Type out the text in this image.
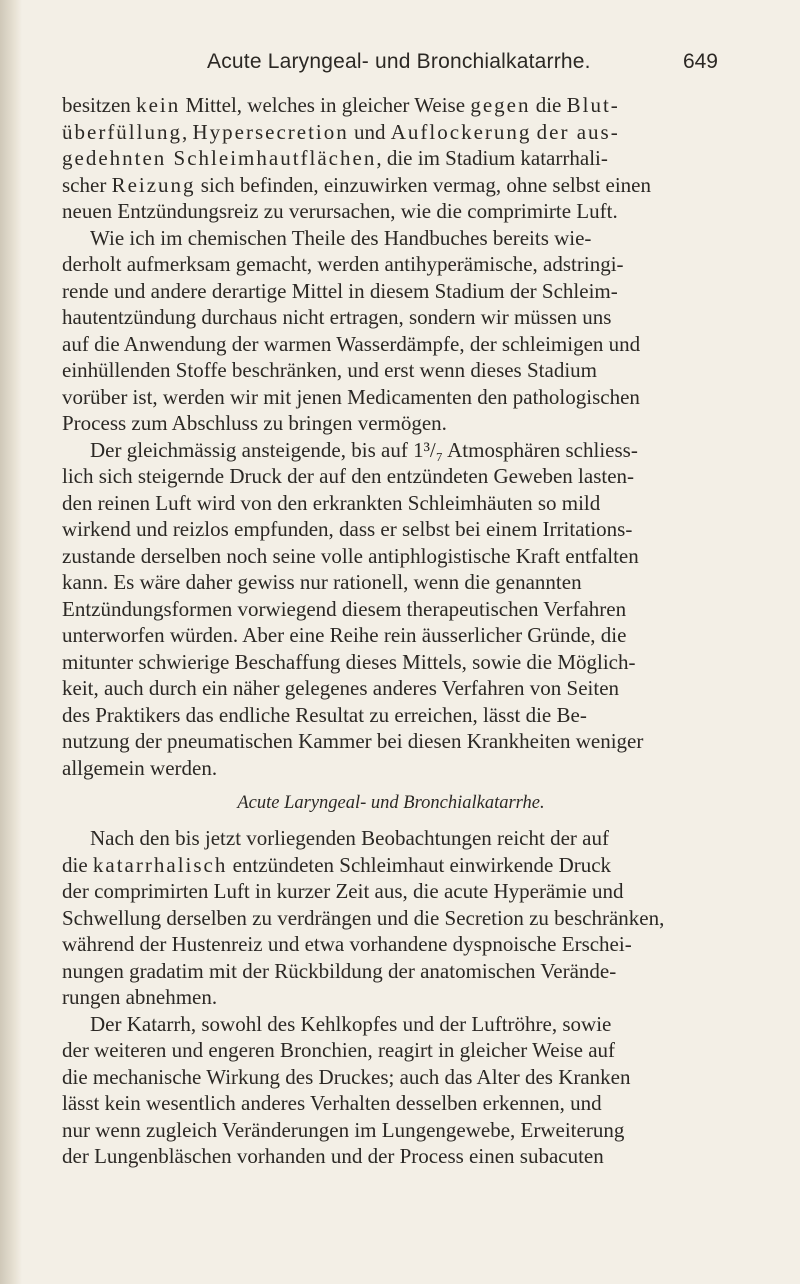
Acute Laryngeal- und Bronchialkatarrhe.	649
besitzen kein Mittel, welches in gleicher Weise gegen die Blut-
überfüllung, Hypersecretion und Auflockerung der aus-
gedehnten Schleimhautflächen, die im Stadium katarrhali-
scher Reizung sich befinden, einzuwirken vermag, ohne selbst einen
neuen Entzündungsreiz zu verursachen, wie die comprimirte Luft.
Wie ich im chemischen Theile des Handbuches bereits wie-
derholt aufmerksam gemacht, werden antihyperämische, adstringi-
rende und andere derartige Mittel in diesem Stadium der Schleim-
hautentzündung durchaus nicht ertragen, sondern wir müssen uns
auf die Anwendung der warmen Wasserdämpfe, der schleimigen und
einhüllenden Stoffe beschränken, und erst wenn dieses Stadium
vorüber ist, werden wir mit jenen Medicamenten den pathologischen
Process zum Abschluss zu bringen vermögen.
Der gleichmässig ansteigende, bis auf 1³/₇ Atmosphären schliess-
lich sich steigernde Druck der auf den entzündeten Geweben lasten-
den reinen Luft wird von den erkrankten Schleimhäuten so mild
wirkend und reizlos empfunden, dass er selbst bei einem Irritations-
zustande derselben noch seine volle antiphlogistische Kraft entfalten
kann. Es wäre daher gewiss nur rationell, wenn die genannten
Entzündungsformen vorwiegend diesem therapeutischen Verfahren
unterworfen würden. Aber eine Reihe rein äusserlicher Gründe, die
mitunter schwierige Beschaffung dieses Mittels, sowie die Möglich-
keit, auch durch ein näher gelegenes anderes Verfahren von Seiten
des Praktikers das endliche Resultat zu erreichen, lässt die Be-
nutzung der pneumatischen Kammer bei diesen Krankheiten weniger
allgemein werden.
Acute Laryngeal- und Bronchialkatarrhe.
Nach den bis jetzt vorliegenden Beobachtungen reicht der auf
die katarrhalisch entzündeten Schleimhaut einwirkende Druck
der comprimirten Luft in kurzer Zeit aus, die acute Hyperämie und
Schwellung derselben zu verdrängen und die Secretion zu beschränken,
während der Hustenreiz und etwa vorhandene dyspnoische Erschei-
nungen gradatim mit der Rückbildung der anatomischen Verände-
rungen abnehmen.
Der Katarrh, sowohl des Kehlkopfes und der Luftröhre, sowie
der weiteren und engeren Bronchien, reagirt in gleicher Weise auf
die mechanische Wirkung des Druckes; auch das Alter des Kranken
lässt kein wesentlich anderes Verhalten desselben erkennen, und
nur wenn zugleich Veränderungen im Lungengewebe, Erweiterung
der Lungenbläschen vorhanden und der Process einen subacuten
